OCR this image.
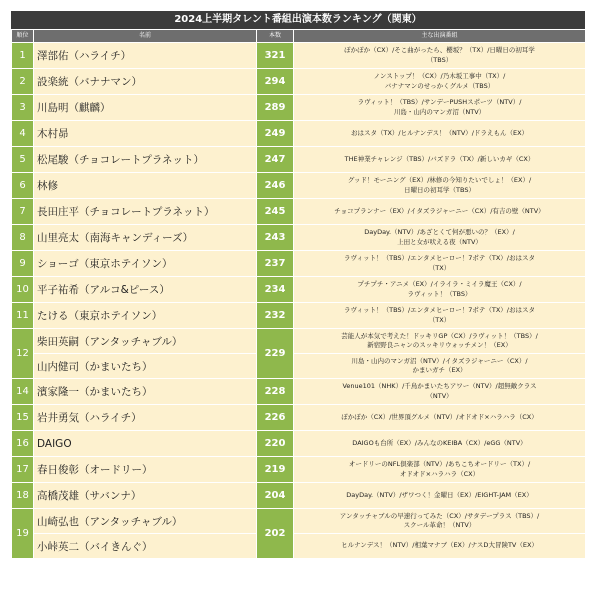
2024上半期タレント番組出演本数ランキング（関東）
順位	名前	本数	主な出演番組
1	澤部佑（ハライチ）	321	ぽかぽか（CX）/そこ曲がったら、櫻坂？（TX）/日曜日の初耳学
（TBS）
2	設楽統（バナナマン）	294	ノンストップ！（CX）/乃木坂工事中（TX）/
バナナマンのせっかくグルメ（TBS）
3	川島明（麒麟）	289	ラヴィット！（TBS）/サンデーPUSHスポーツ（NTV）/
川島・山内のマンガ沼（NTV）
4	木村昴	249	おはスタ（TX）/ヒルナンデス！（NTV）/ドラえもん（EX）
5	松尾駿（チョコレートプラネット）	247	THE神業チャレンジ（TBS）/バズドラ（TX）/新しいカギ（CX）
6	林修	246	グッド！モーニング（EX）/林修の今知りたいでしょ！（EX）/
日曜日の初耳学（TBS）
7	長田庄平（チョコレートプラネット）	245	チョコプランナー（EX）/イタズラジャーニー（CX）/有吉の壁（NTV）
8	山里亮太（南海キャンディーズ）	243	DayDay.（NTV）/あざとくて何が悪いの？（EX）/
上田と女が吠える夜（NTV）
9	ショーゴ（東京ホテイソン）	237	ラヴィット！（TBS）/エンタメヒーロー！7ポテ（TX）/おはスタ
（TX）
10	平子祐希（アルコ&ピース）	234	プチプチ・アニメ（EX）/イライラ・ミイラ魔王（CX）/
ラヴィット！（TBS）
11	たける（東京ホテイソン）	232	ラヴィット！（TBS）/エンタメヒーロー！7ポテ（TX）/おはスタ
（TX）
12	柴田英嗣（アンタッチャブル）	229	芸能人が本気で考えた！ドッキリGP（CX）/ラヴィット！（TBS）/
新宿野良ニャンのスッキリウォッチメン！（EX）
	山内健司（かまいたち）		川島・山内のマンガ沼（NTV）/イタズラジャーニー（CX）/
かまいガチ（EX）
14	濱家隆一（かまいたち）	228	Venue101（NHK）/千鳥かまいたちアワー（NTV）/超無敵クラス
（NTV）
15	岩井勇気（ハライチ）	226	ぽかぽか（CX）/世界頂グルメ（NTV）/オドオド×ハラハラ（CX）
16	DAIGO	220	DAIGOも台所（EX）/みんなのKEIBA（CX）/eGG（NTV）
17	春日俊彰（オードリー）	219	オードリーのNFL倶楽部（NTV）/あちこちオードリー（TX）/
オドオド×ハラハラ（CX）
18	高橋茂雄（サバンナ）	204	DayDay.（NTV）/ザワつく！金曜日（EX）/EIGHT-JAM（EX）
19	山崎弘也（アンタッチャブル）	202	アンタッチャブルの早速行ってみた（CX）/サタデープラス（TBS）/
スクール革命！（NTV）
	小峠英二（バイきんぐ）		ヒルナンデス！（NTV）/相葉マナブ（EX）/ナスD大冒険TV（EX）
